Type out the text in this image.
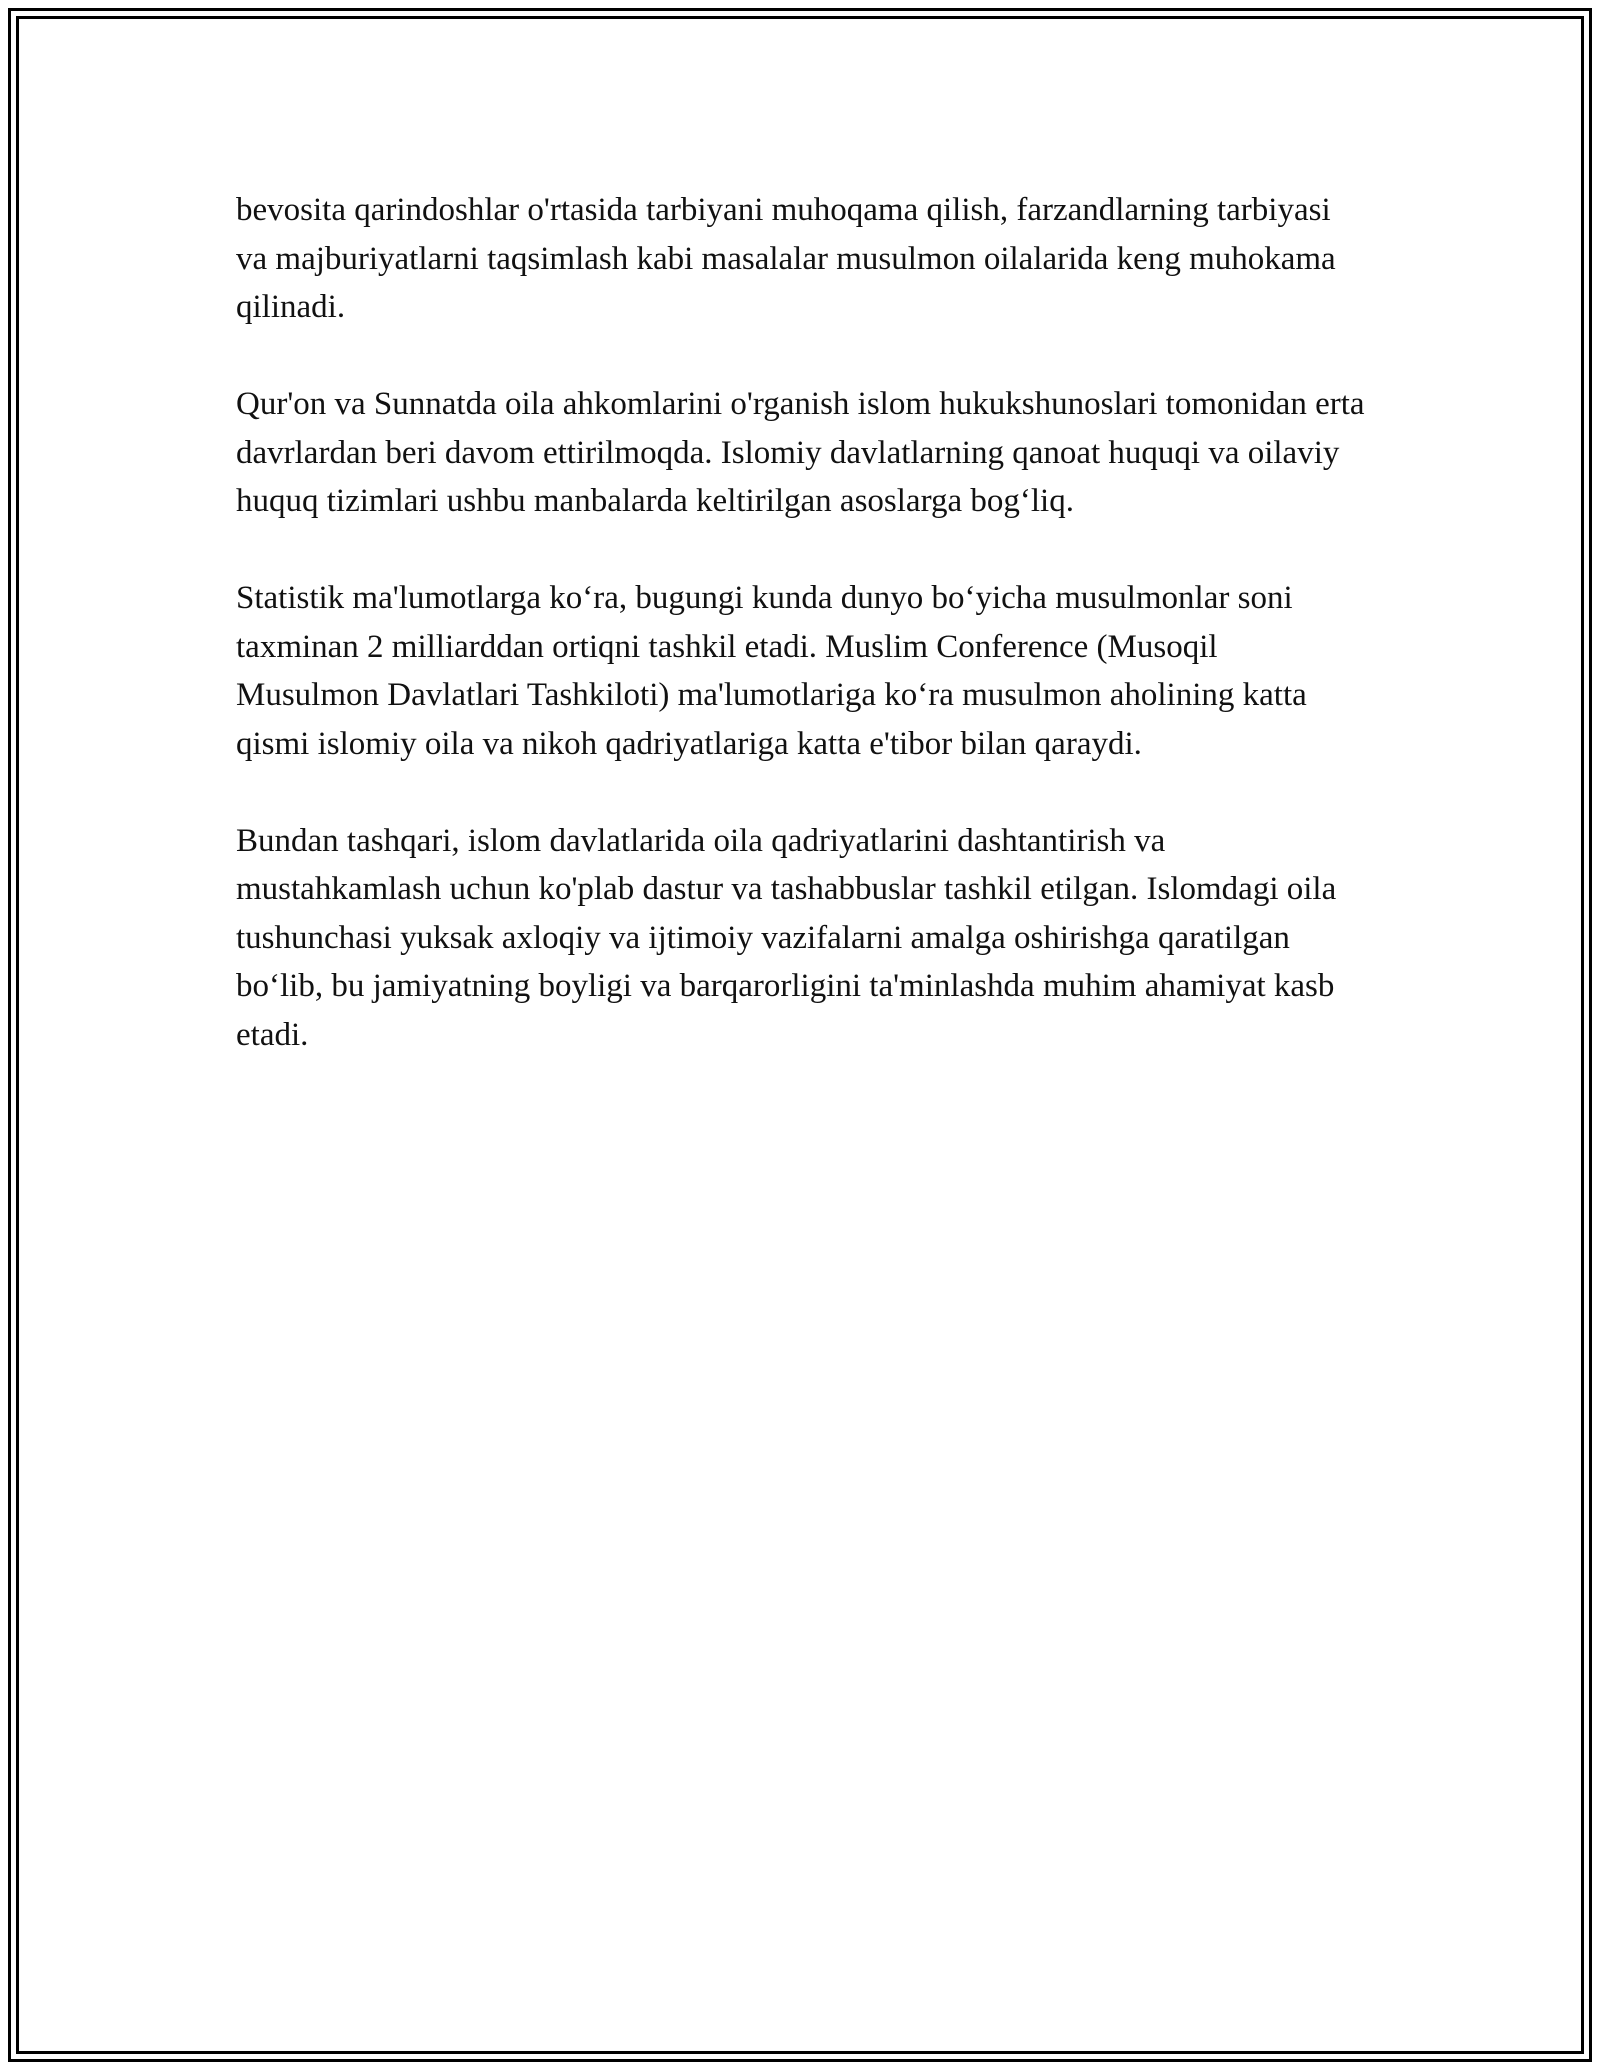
bevosita qarindoshlar o'rtasida tarbiyani muhoqama qilish, farzandlarning tarbiyasi va majburiyatlarni taqsimlash kabi masalalar musulmon oilalarida keng muhokama qilinadi.

Qur'on va Sunnatda oila ahkomlarini o'rganish islom hukukshunoslari tomonidan erta davrlardan beri davom ettirilmoqda. Islomiy davlatlarning qanoat huquqi va oilaviy huquq tizimlari ushbu manbalarda keltirilgan asoslarga bog‘liq.

Statistik ma'lumotlarga ko‘ra, bugungi kunda dunyo bo‘yicha musulmonlar soni taxminan 2 milliarddan ortiqni tashkil etadi. Muslim Conference (Musoqil Musulmon Davlatlari Tashkiloti) ma'lumotlariga ko‘ra musulmon aholining katta qismi islomiy oila va nikoh qadriyatlariga katta e'tibor bilan qaraydi.

Bundan tashqari, islom davlatlarida oila qadriyatlarini dashtantirish va mustahkamlash uchun ko'plab dastur va tashabbuslar tashkil etilgan. Islomdagi oila tushunchasi yuksak axloqiy va ijtimoiy vazifalarni amalga oshirishga qaratilgan bo‘lib, bu jamiyatning boyligi va barqarorligini ta'minlashda muhim ahamiyat kasb etadi.
